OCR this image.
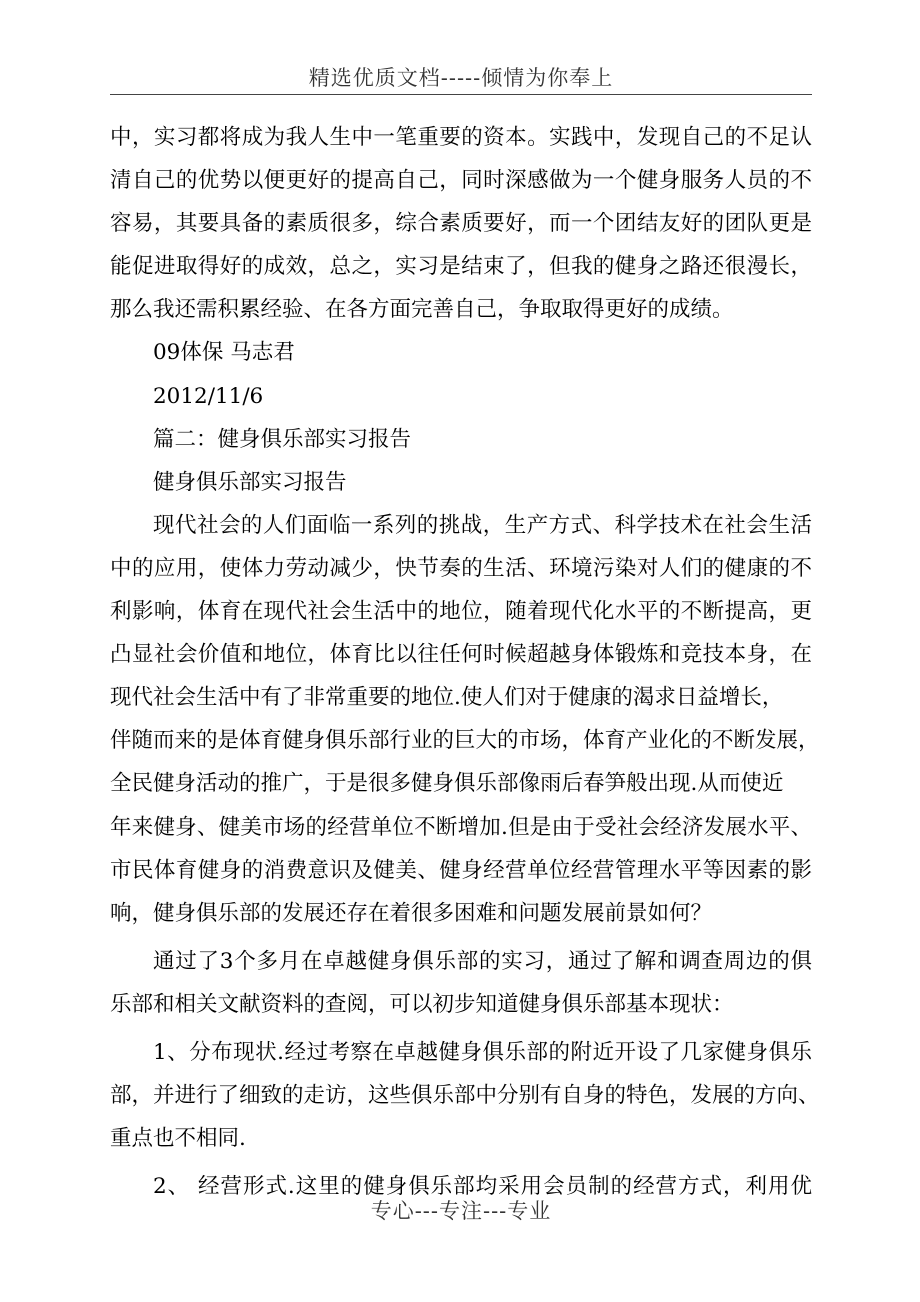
精选优质文档-----倾情为你奉上
中，实习都将成为我人生中一笔重要的资本。实践中，发现自己的不足认
清自己的优势以便更好的提高自己，同时深感做为一个健身服务人员的不
容易，其要具备的素质很多，综合素质要好，而一个团结友好的团队更是
能促进取得好的成效，总之，实习是结束了，但我的健身之路还很漫长，
那么我还需积累经验、在各方面完善自己，争取取得更好的成绩。
09体保 马志君
2012/11/6
篇二：健身俱乐部实习报告
健身俱乐部实习报告
现代社会的人们面临一系列的挑战，生产方式、科学技术在社会生活
中的应用，使体力劳动减少，快节奏的生活、环境污染对人们的健康的不
利影响，体育在现代社会生活中的地位，随着现代化水平的不断提高，更
凸显社会价值和地位，体育比以往任何时候超越身体锻炼和竞技本身，在
现代社会生活中有了非常重要的地位.使人们对于健康的渴求日益增长，
伴随而来的是体育健身俱乐部行业的巨大的市场，体育产业化的不断发展，
全民健身活动的推广，于是很多健身俱乐部像雨后春笋般出现.从而使近
年来健身、健美市场的经营单位不断增加.但是由于受社会经济发展水平、
市民体育健身的消费意识及健美、健身经营单位经营管理水平等因素的影
响，健身俱乐部的发展还存在着很多困难和问题发展前景如何？
通过了3个多月在卓越健身俱乐部的实习，通过了解和调查周边的俱
乐部和相关文献资料的查阅，可以初步知道健身俱乐部基本现状：
1、分布现状.经过考察在卓越健身俱乐部的附近开设了几家健身俱乐
部，并进行了细致的走访，这些俱乐部中分别有自身的特色，发展的方向、
重点也不相同.
2、 经营形式.这里的健身俱乐部均采用会员制的经营方式，利用优
专心---专注---专业
